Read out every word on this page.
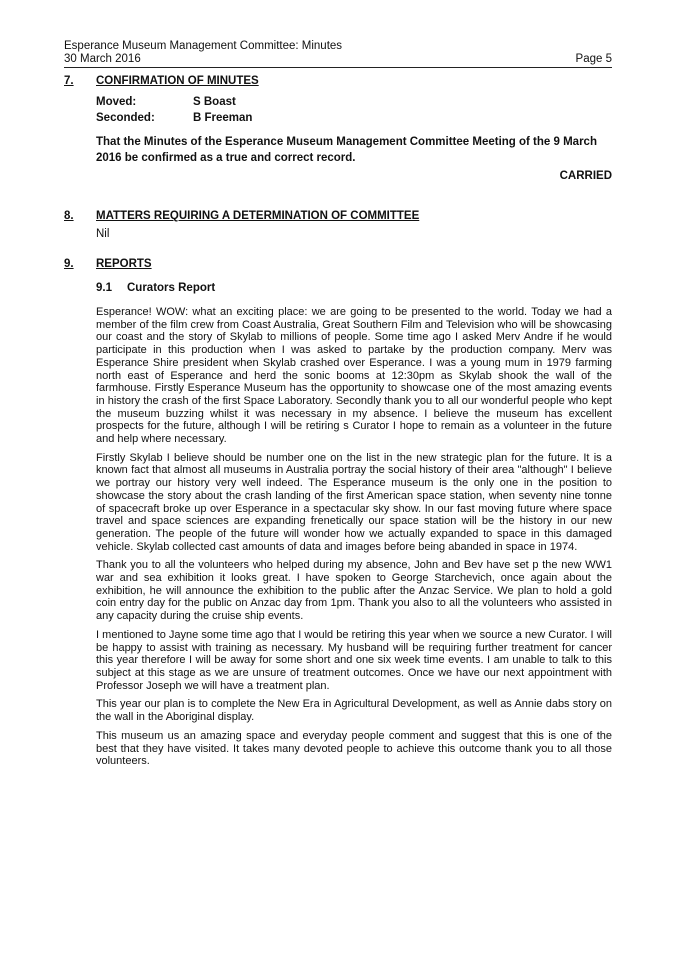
Esperance Museum Management Committee: Minutes
30 March 2016	Page 5
7.	CONFIRMATION OF MINUTES
Moved:	S Boast
Seconded:	B Freeman
That the Minutes of the Esperance Museum Management Committee Meeting of the 9 March 2016 be confirmed as a true and correct record.
CARRIED
8.	MATTERS REQUIRING A DETERMINATION OF COMMITTEE
Nil
9.	REPORTS
9.1	Curators Report

Esperance! WOW: what an exciting place: we are going to be presented to the world. Today we had a member of the film crew from Coast Australia, Great Southern Film and Television who will be showcasing our coast and the story of Skylab to millions of people. Some time ago I asked Merv Andre if he would participate in this production when I was asked to partake by the production company. Merv was Esperance Shire president when Skylab crashed over Esperance. I was a young mum in 1979 farming north east of Esperance and herd the sonic booms at 12:30pm as Skylab shook the wall of the farmhouse. Firstly Esperance Museum has the opportunity to showcase one of the most amazing events in history the crash of the first Space Laboratory. Secondly thank you to all our wonderful people who kept the museum buzzing whilst it was necessary in my absence. I believe the museum has excellent prospects for the future, although I will be retiring s Curator I hope to remain as a volunteer in the future and help where necessary.

Firstly Skylab I believe should be number one on the list in the new strategic plan for the future. It is a known fact that almost all museums in Australia portray the social history of their area "although" I believe we portray our history very well indeed. The Esperance museum is the only one in the position to showcase the story about the crash landing of the first American space station, when seventy nine tonne of spacecraft broke up over Esperance in a spectacular sky show. In our fast moving future where space travel and space sciences are expanding frenetically our space station will be the history in our new generation. The people of the future will wonder how we actually expanded to space in this damaged vehicle. Skylab collected cast amounts of data and images before being abanded in space in 1974.

Thank you to all the volunteers who helped during my absence, John and Bev have set p the new WW1 war and sea exhibition it looks great. I have spoken to George Starchevich, once again about the exhibition, he will announce the exhibition to the public after the Anzac Service. We plan to hold a gold coin entry day for the public on Anzac day from 1pm. Thank you also to all the volunteers who assisted in any capacity during the cruise ship events.

I mentioned to Jayne some time ago that I would be retiring this year when we source a new Curator. I will be happy to assist with training as necessary. My husband will be requiring further treatment for cancer this year therefore I will be away for some short and one six week time events. I am unable to talk to this subject at this stage as we are unsure of treatment outcomes. Once we have our next appointment with Professor Joseph we will have a treatment plan.

This year our plan is to complete the New Era in Agricultural Development, as well as Annie dabs story on the wall in the Aboriginal display.

This museum us an amazing space and everyday people comment and suggest that this is one of the best that they have visited. It takes many devoted people to achieve this outcome thank you to all those volunteers.
